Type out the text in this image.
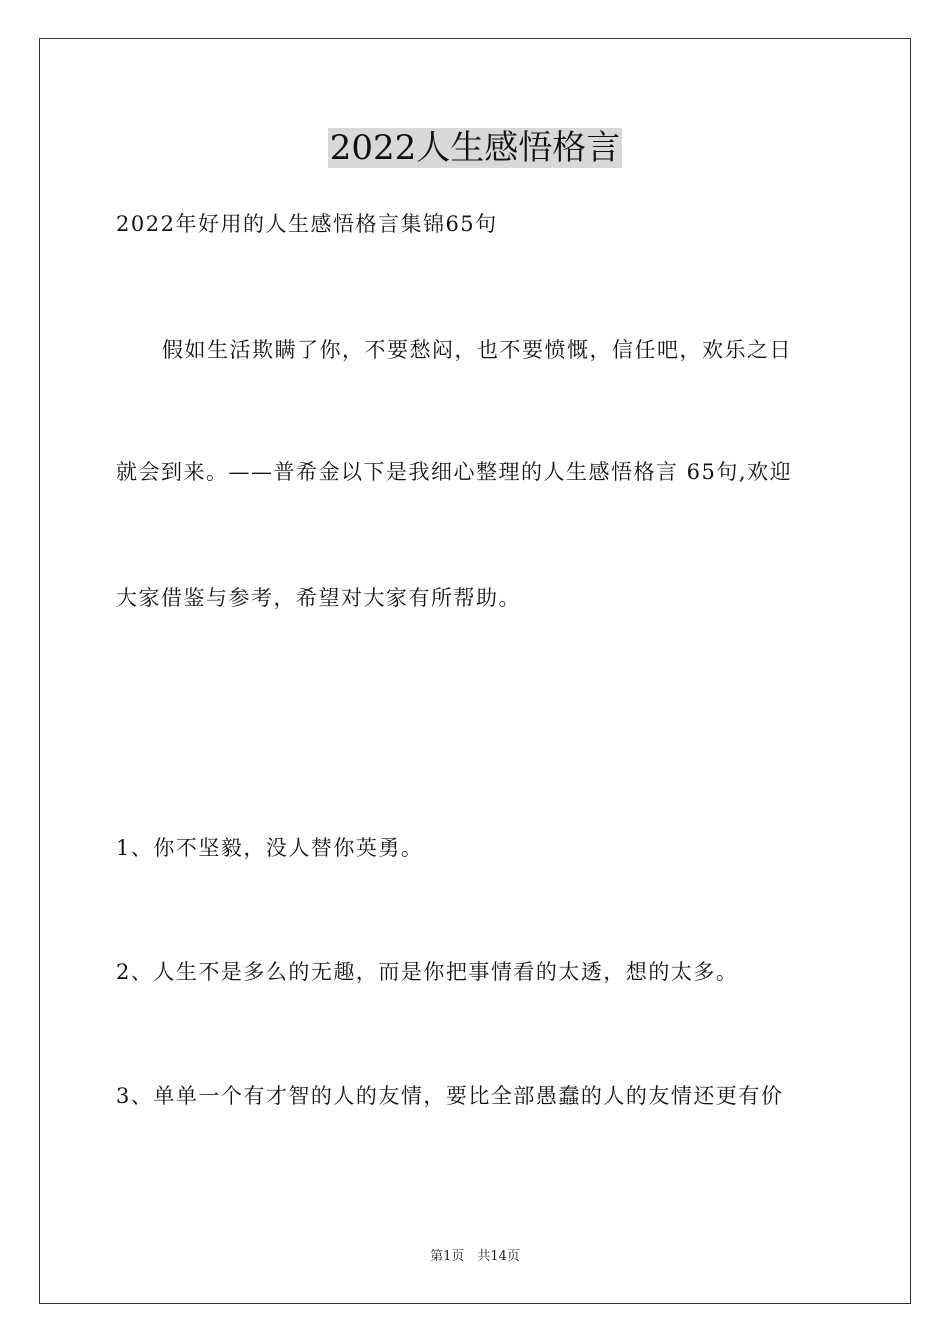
2022人生感悟格言
2022年好用的人生感悟格言集锦65句
假如生活欺瞒了你，不要愁闷，也不要愤慨，信任吧，欢乐之日
就会到来。——普希金以下是我细心整理的人生感悟格言 65句,欢迎
大家借鉴与参考，希望对大家有所帮助。
1、你不坚毅，没人替你英勇。
2、人生不是多么的无趣，而是你把事情看的太透，想的太多。
3、单单一个有才智的人的友情，要比全部愚蠢的人的友情还更有价
第1页　共14页
